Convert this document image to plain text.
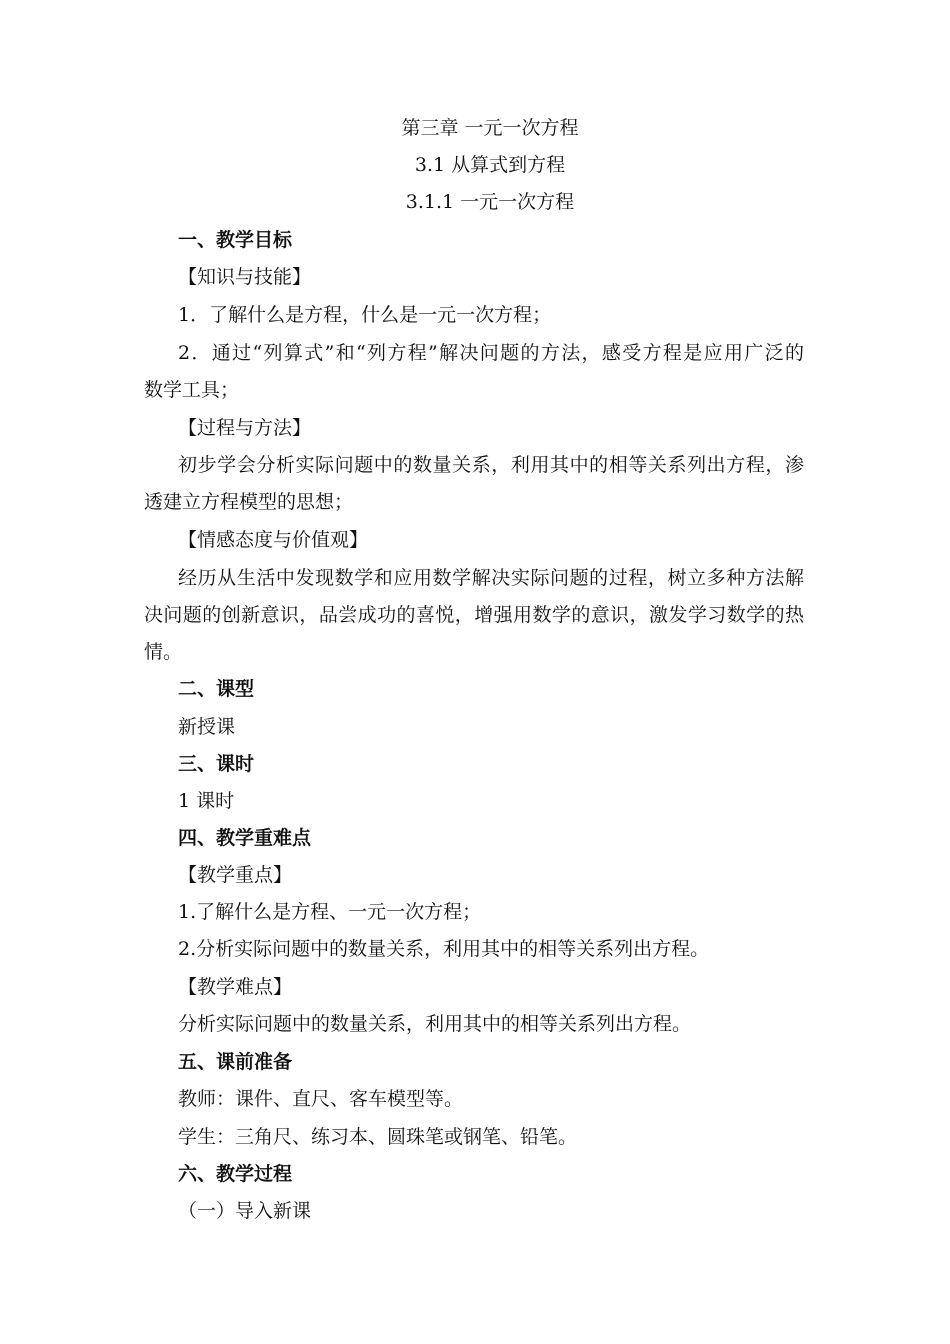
第三章 一元一次方程
3.1 从算式到方程
3.1.1 一元一次方程
一、教学目标
【知识与技能】
1．了解什么是方程，什么是一元一次方程；
2．通过“列算式”和“列方程”解决问题的方法，感受方程是应用广泛的
数学工具；
【过程与方法】
初步学会分析实际问题中的数量关系，利用其中的相等关系列出方程，渗
透建立方程模型的思想；
【情感态度与价值观】
经历从生活中发现数学和应用数学解决实际问题的过程，树立多种方法解
决问题的创新意识，品尝成功的喜悦，增强用数学的意识，激发学习数学的热
情。
二、课型
新授课
三、课时
1 课时
四、教学重难点
【教学重点】
1.了解什么是方程、一元一次方程；
2.分析实际问题中的数量关系，利用其中的相等关系列出方程。
【教学难点】
分析实际问题中的数量关系，利用其中的相等关系列出方程。
五、课前准备
教师：课件、直尺、客车模型等。
学生：三角尺、练习本、圆珠笔或钢笔、铅笔。
六、教学过程
（一）导入新课
